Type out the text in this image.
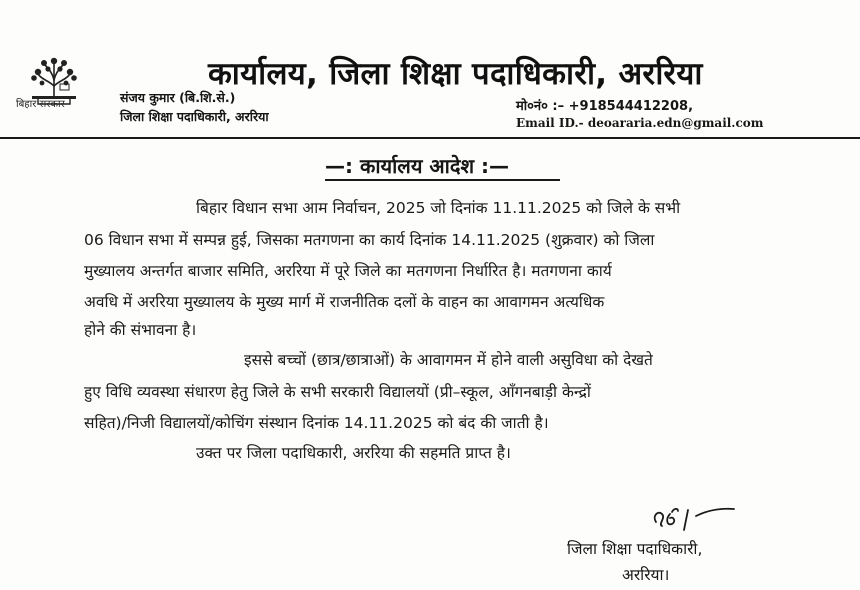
बिहार सरकार
कार्यालय, जिला शिक्षा पदाधिकारी, अररिया
संजय कुमार (बि.शि.से.)
जिला शिक्षा पदाधिकारी, अररिया
मो०नं० :– +918544412208,
Email ID.- deoararia.edn@gmail.com
—: कार्यालय आदेश :—
बिहार विधान सभा आम निर्वाचन, 2025 जो दिनांक 11.11.2025 को जिले के सभी
06 विधान सभा में सम्पन्न हुई, जिसका मतगणना का कार्य दिनांक 14.11.2025 (शुक्रवार) को जिला
मुख्यालय अन्तर्गत बाजार समिति, अररिया में पूरे जिले का मतगणना निर्धारित है। मतगणना कार्य
अवधि में अररिया मुख्यालय के मुख्य मार्ग में राजनीतिक दलों के वाहन का आवागमन अत्यधिक
होने की संभावना है।
इससे बच्चों (छात्र/छात्राओं) के आवागमन में होने वाली असुविधा को देखते
हुए विधि व्यवस्था संधारण हेतु जिले के सभी सरकारी विद्यालयों (प्री–स्कूल, आँगनबाड़ी केन्द्रों
सहित)/निजी विद्यालयों/कोचिंग संस्थान दिनांक 14.11.2025 को बंद की जाती है।
उक्त पर जिला पदाधिकारी, अररिया की सहमति प्राप्त है।
जिला शिक्षा पदाधिकारी,
अररिया।
